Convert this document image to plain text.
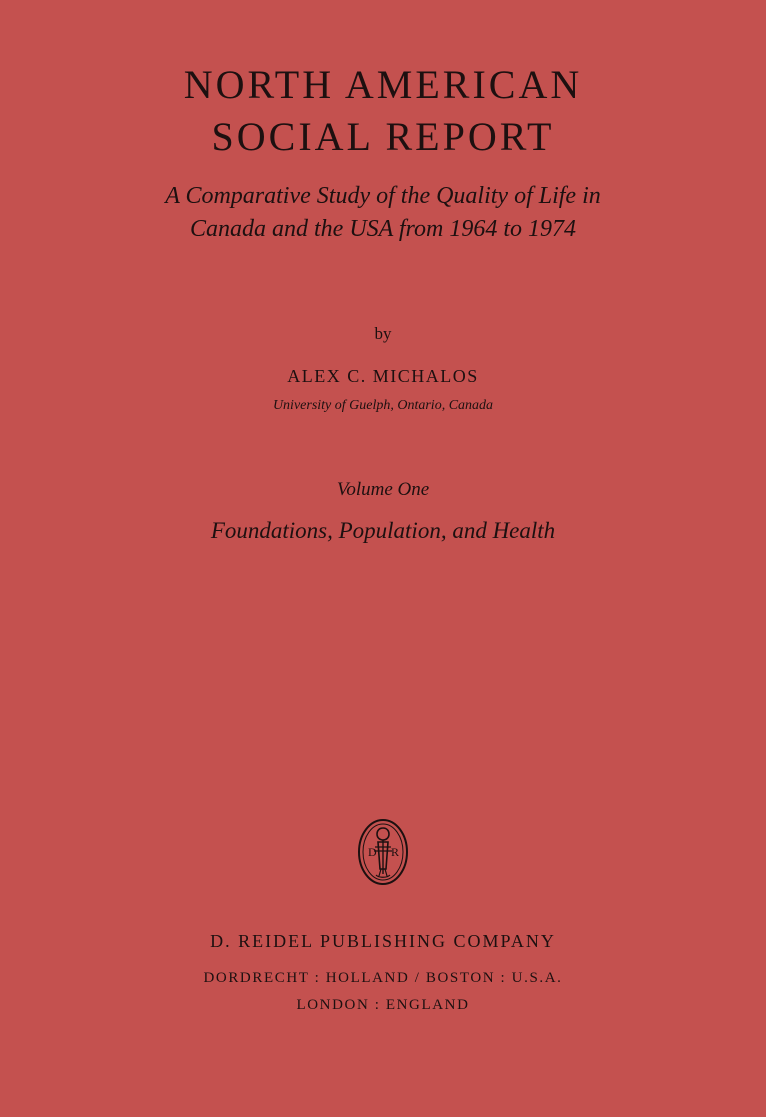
NORTH AMERICAN
SOCIAL REPORT
A Comparative Study of the Quality of Life in
Canada and the USA from 1964 to 1974
by
ALEX C. MICHALOS
University of Guelph, Ontario, Canada
Volume One
Foundations, Population, and Health
D R
D. REIDEL PUBLISHING COMPANY
DORDRECHT : HOLLAND / BOSTON : U.S.A.
LONDON : ENGLAND
